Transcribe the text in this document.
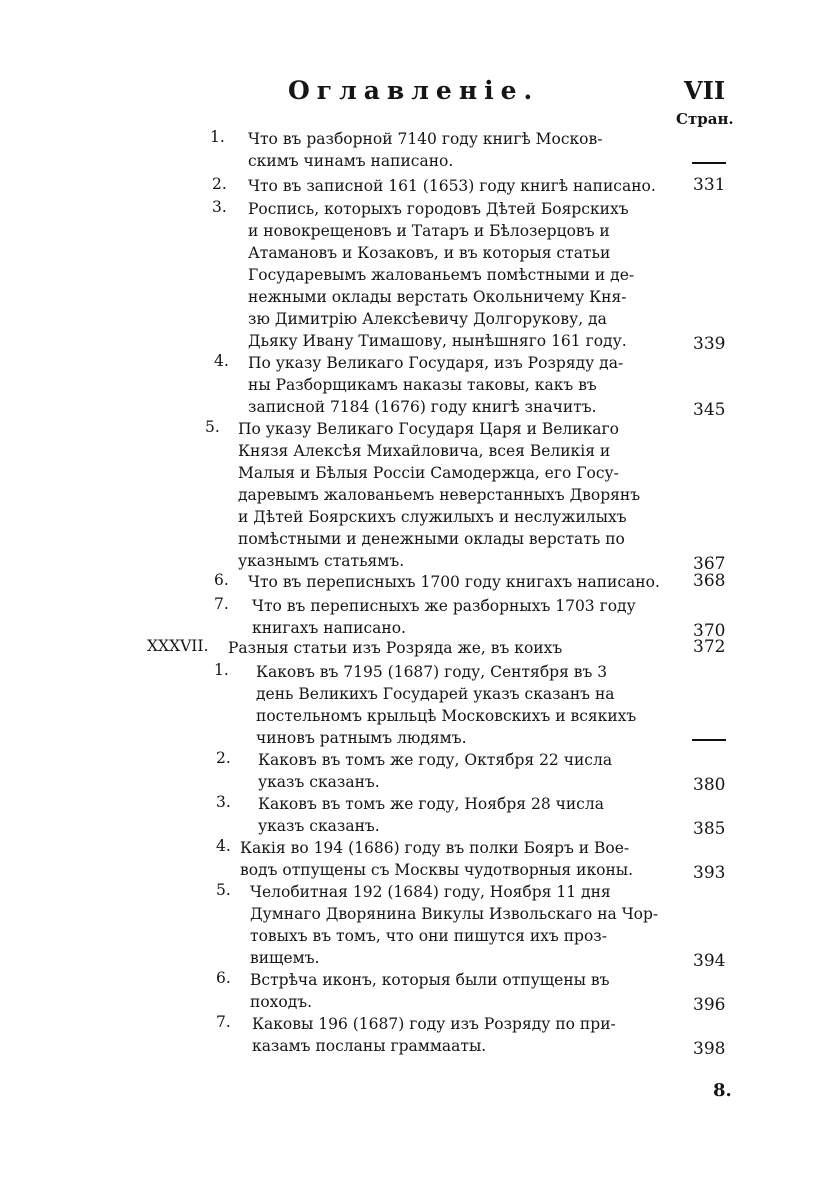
Оглавленіе.	VII
Стран.
1. Что въ разборной 7140 году книгѣ Москов-
скимъ чинамъ написано.
2. Что въ записной 161 (1653) году книгѣ написано. 331
3. Роспись, которыхъ городовъ Дѣтей Боярскихъ
и новокрещеновъ и Татаръ и Бѣлозерцовъ и
Атамановъ и Козаковъ, и въ которыя статьи
Государевымъ жалованьемъ помѣстными и де-
нежными оклады верстать Окольничему Кня-
зю Димитрію Алексѣевичу Долгорукову, да
Дьяку Ивану Тимашову, нынѣшняго 161 году.	339
4. По указу Великаго Государя, изъ Розряду да-
ны Разборщикамъ наказы таковы, какъ въ
записной 7184 (1676) году книгѣ значитъ.	345
5. По указу Великаго Государя Царя и Великаго
Князя Алексѣя Михайловича, всея Великія и
Малыя и Бѣлыя Россіи Самодержца, его Госу-
даревымъ жалованьемъ неверстанныхъ Дворянъ
и Дѣтей Боярскихъ служилыхъ и неслужилыхъ
помѣстными и денежными оклады верстать по
указнымъ статьямъ.	367
6. Что въ переписныхъ 1700 году книгахъ написано. 368
7. Что въ переписныхъ же разборныхъ 1703 году
книгахъ написано.	370
XXXVII. Разныя статьи изъ Розряда же, въ коихъ	372
1. Каковъ въ 7195 (1687) году, Сентября въ 3
день Великихъ Государей указъ сказанъ на
постельномъ крыльцѣ Московскихъ и всякихъ
чиновъ ратнымъ людямъ.
2. Каковъ въ томъ же году, Октября 22 числа
указъ сказанъ.	380
3. Каковъ въ томъ же году, Ноября 28 числа
указъ сказанъ.	385
4. Какія во 194 (1686) году въ полки Бояръ и Вое-
водъ отпущены съ Москвы чудотворныя иконы.	393
5. Челобитная 192 (1684) году, Ноября 11 дня
Думнаго Дворянина Викулы Извольскаго на Чор-
товыхъ въ томъ, что они пишутся ихъ проз-
вищемъ.	394
6. Встрѣча иконъ, которыя были отпущены въ
походъ.	396
7. Каковы 196 (1687) году изъ Розряду по при-
казамъ посланы граммааты.	398
8.
